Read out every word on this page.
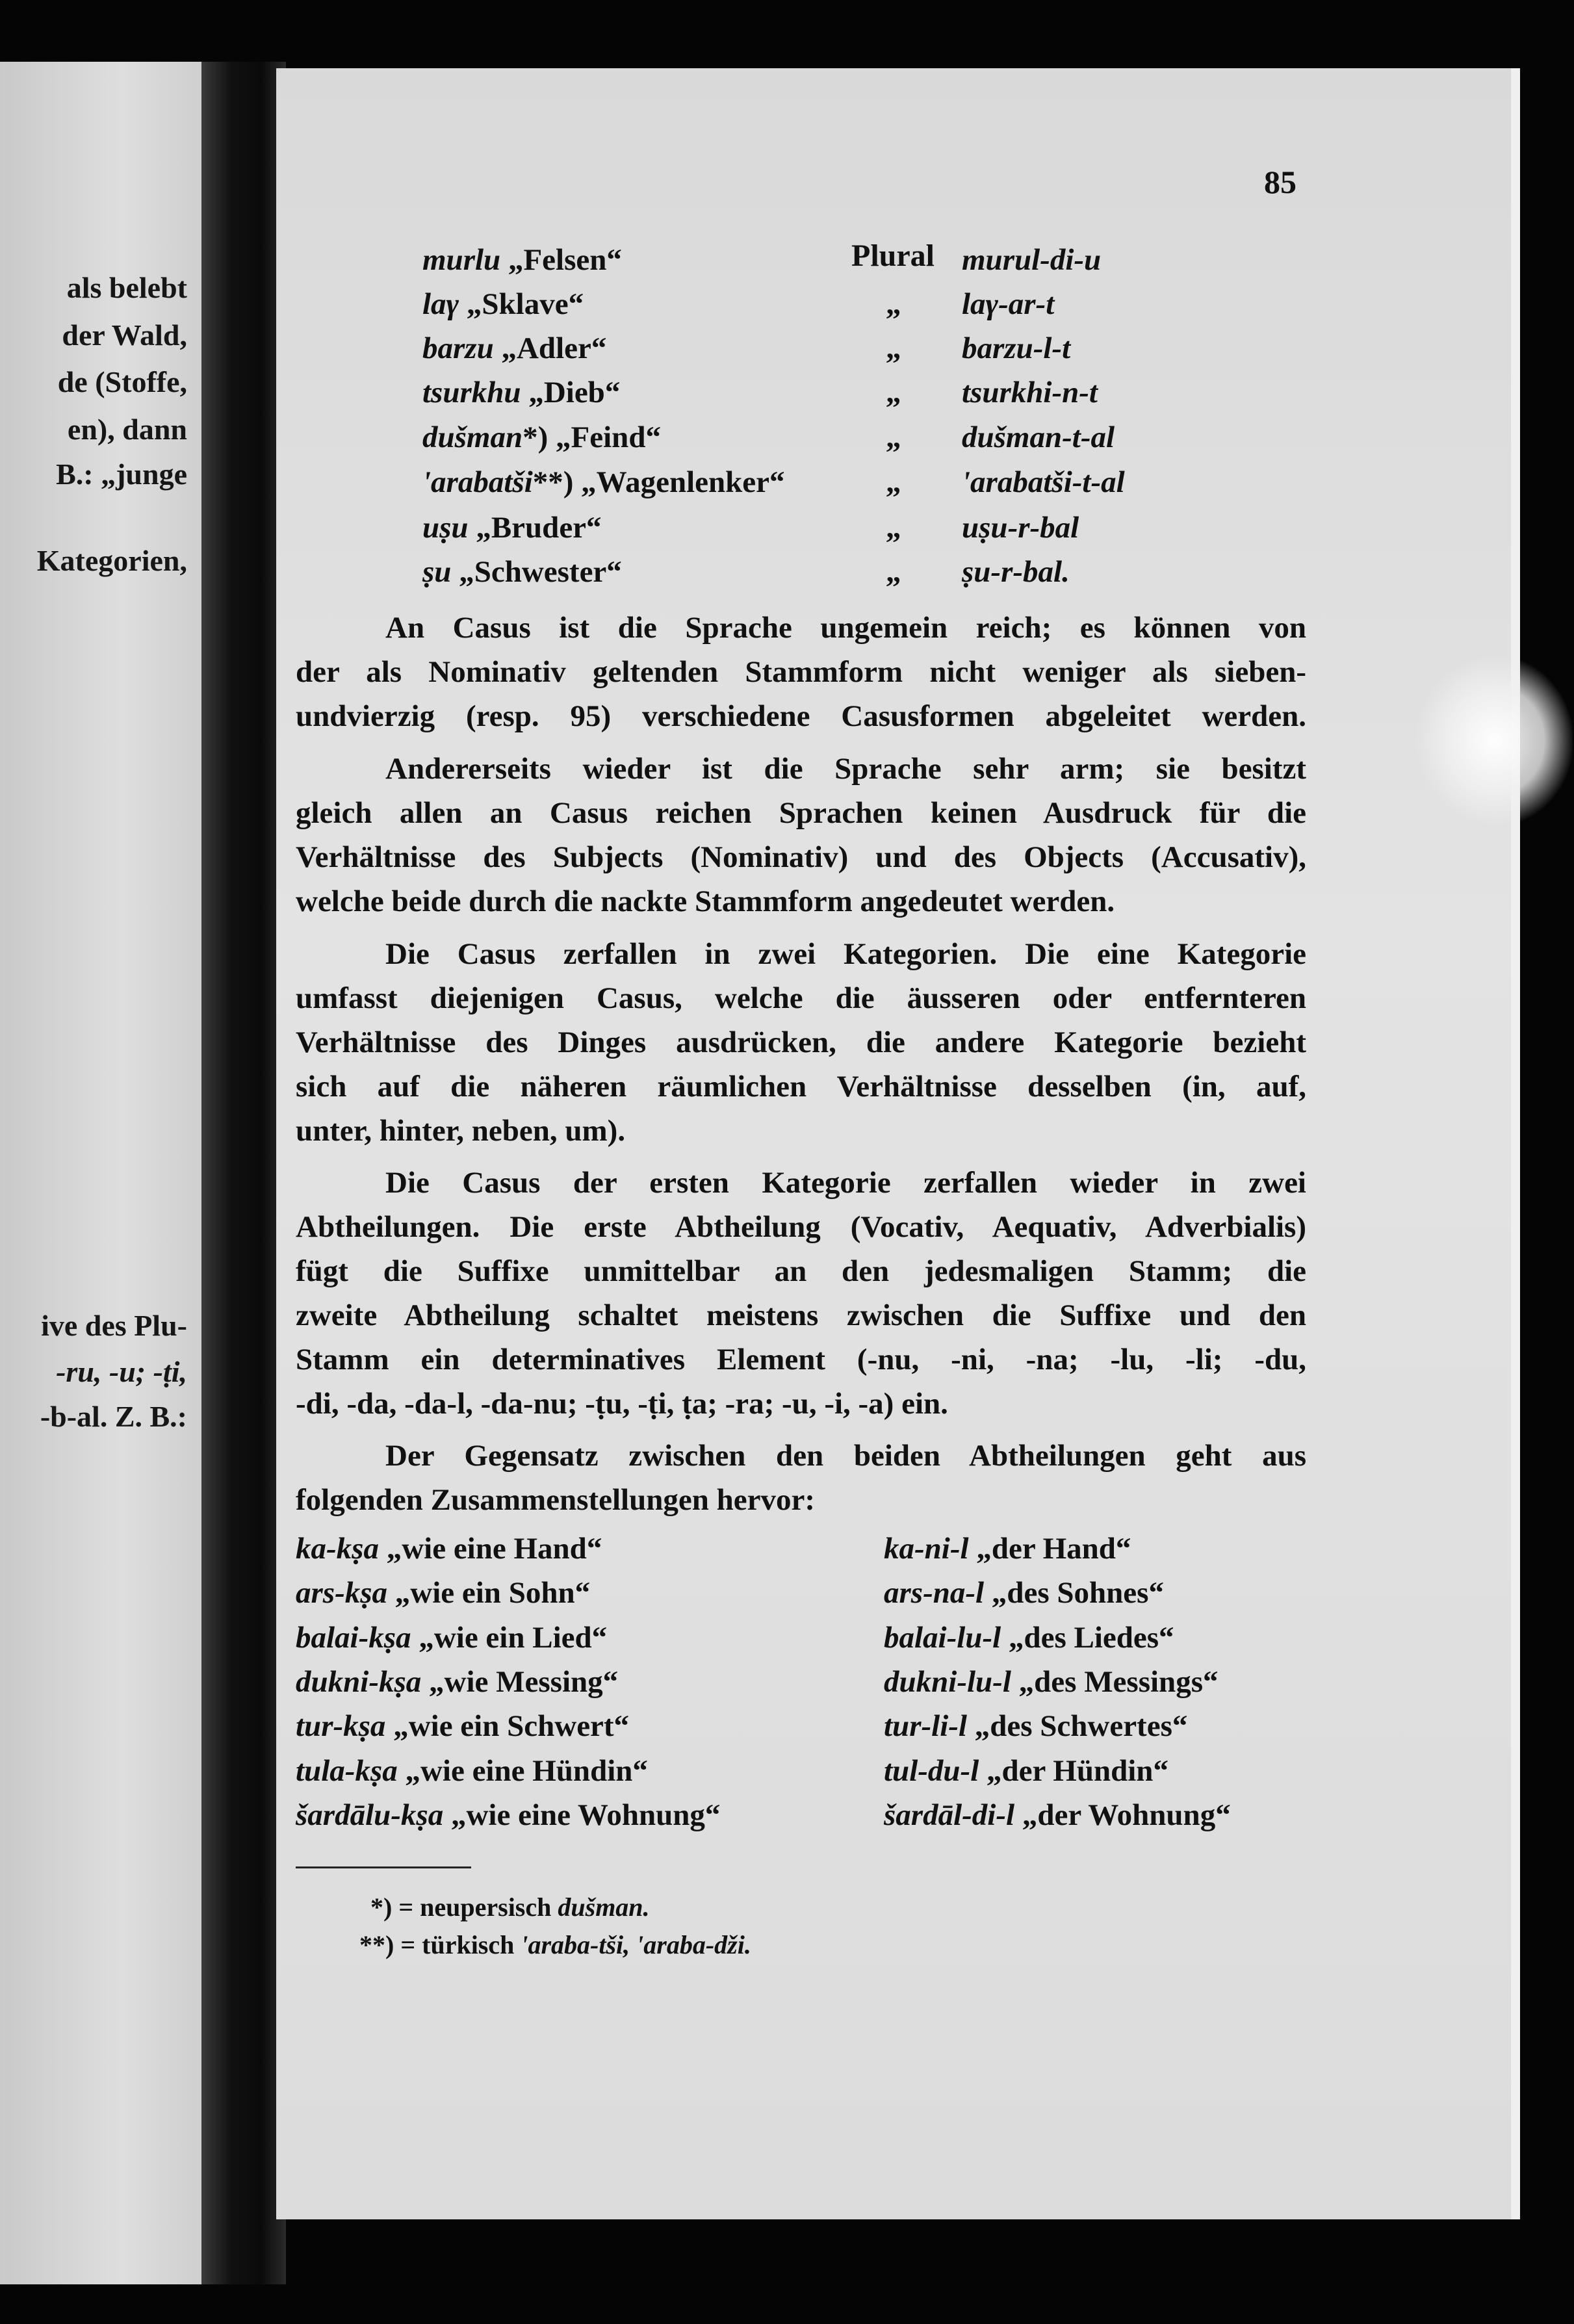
als belebt
der Wald,
de (Stoffe,
en), dann
B.: „junge
Kategorien,
ive des Plu-
-ru, -u; -ṭi,
-b-al. Z. B.:
85
Plural
murlu „Felsen“	murul-di-u
laγ „Sklave“	„ laγ-ar-t
barzu „Adler“	„ barzu-l-t
tsurkhu „Dieb“	„ tsurkhi-n-t
dušman*) „Feind“	„ dušman-t-al
'arabatši**) „Wagenlenker“	„ 'arabatši-t-al
uṣu „Bruder“	„ uṣu-r-bal
ṣu „Schwester“	„ ṣu-r-bal.
An Casus ist die Sprache ungemein reich; es können von
der als Nominativ geltenden Stammform nicht weniger als sieben-
undvierzig (resp. 95) verschiedene Casusformen abgeleitet werden.
Andererseits wieder ist die Sprache sehr arm; sie besitzt
gleich allen an Casus reichen Sprachen keinen Ausdruck für die
Verhältnisse des Subjects (Nominativ) und des Objects (Accusativ),
welche beide durch die nackte Stammform angedeutet werden.
Die Casus zerfallen in zwei Kategorien. Die eine Kategorie
umfasst diejenigen Casus, welche die äusseren oder entfernteren
Verhältnisse des Dinges ausdrücken, die andere Kategorie bezieht
sich auf die näheren räumlichen Verhältnisse desselben (in, auf,
unter, hinter, neben, um).
Die Casus der ersten Kategorie zerfallen wieder in zwei
Abtheilungen. Die erste Abtheilung (Vocativ, Aequativ, Adverbialis)
fügt die Suffixe unmittelbar an den jedesmaligen Stamm; die
zweite Abtheilung schaltet meistens zwischen die Suffixe und den
Stamm ein determinatives Element (-nu, -ni, -na; -lu, -li; -du,
-di, -da, -da-l, -da-nu; -ṭu, -ṭi, ṭa; -ra; -u, -i, -a) ein.
Der Gegensatz zwischen den beiden Abtheilungen geht aus
folgenden Zusammenstellungen hervor:
ka-kṣa „wie eine Hand“	ka-ni-l „der Hand“
ars-kṣa „wie ein Sohn“	ars-na-l „des Sohnes“
balai-kṣa „wie ein Lied“	balai-lu-l „des Liedes“
dukni-kṣa „wie Messing“	dukni-lu-l „des Messings“
tur-kṣa „wie ein Schwert“	tur-li-l „des Schwertes“
tula-kṣa „wie eine Hündin“	tul-du-l „der Hündin“
šardālu-kṣa „wie eine Wohnung“	šardāl-di-l „der Wohnung“
*) = neupersisch dušman.
**) = türkisch 'araba-tši, 'araba-dži.
